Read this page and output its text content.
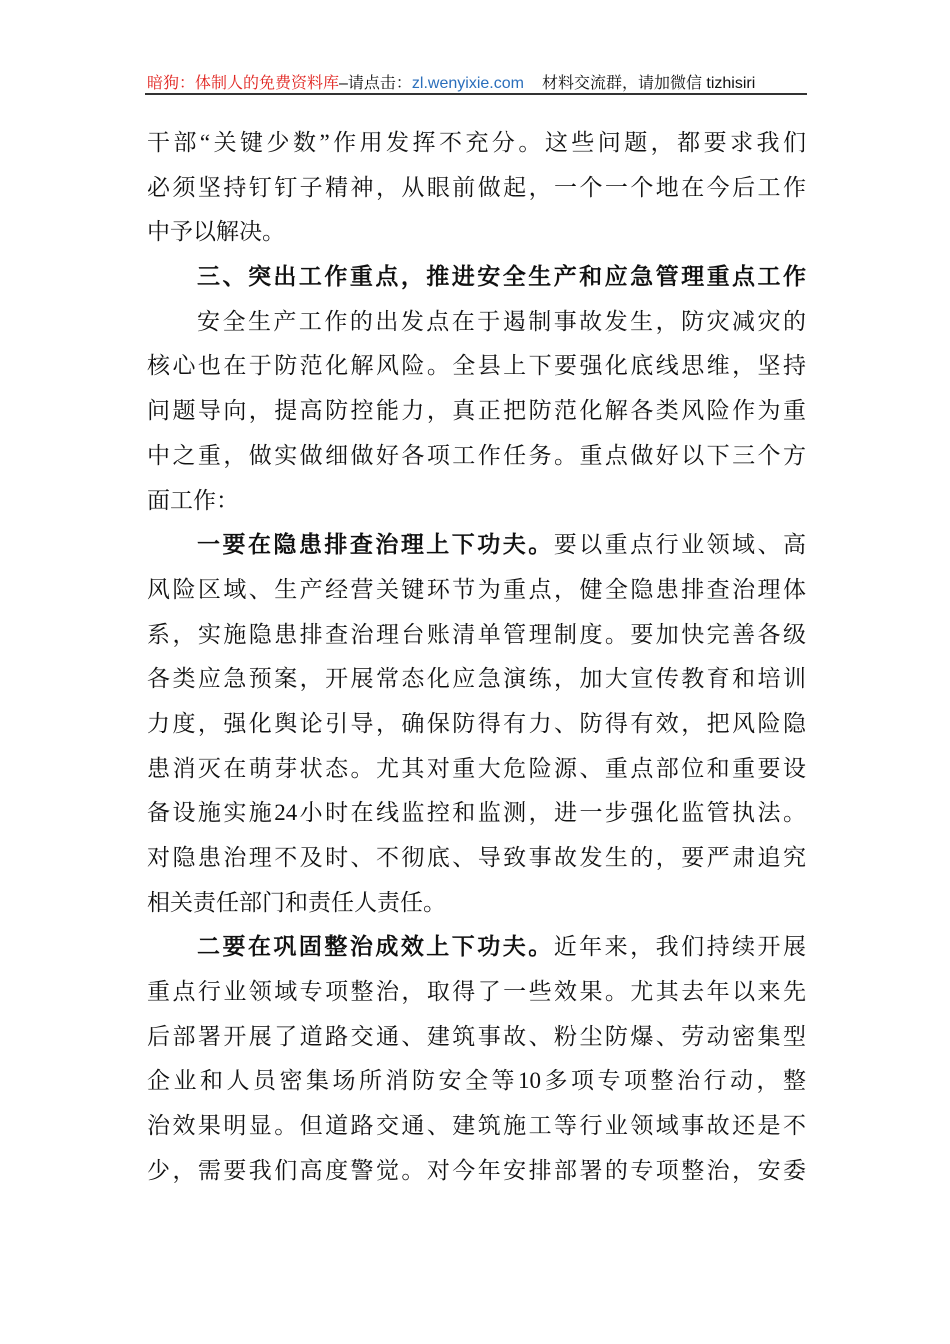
暗狗：体制人的免费资料库–请点击：zl.wenyixie.com 材料交流群，请加微信 tizhisiri
干部“关键少数”作用发挥不充分。这些问题，都要求我们
必须坚持钉钉子精神，从眼前做起，一个一个地在今后工作
中予以解决。
三、突出工作重点，推进安全生产和应急管理重点工作
安全生产工作的出发点在于遏制事故发生，防灾减灾的
核心也在于防范化解风险。全县上下要强化底线思维，坚持
问题导向，提高防控能力，真正把防范化解各类风险作为重
中之重，做实做细做好各项工作任务。重点做好以下三个方
面工作：
一要在隐患排查治理上下功夫。要以重点行业领域、高
风险区域、生产经营关键环节为重点，健全隐患排查治理体
系，实施隐患排查治理台账清单管理制度。要加快完善各级
各类应急预案，开展常态化应急演练，加大宣传教育和培训
力度，强化舆论引导，确保防得有力、防得有效，把风险隐
患消灭在萌芽状态。尤其对重大危险源、重点部位和重要设
备设施实施24小时在线监控和监测，进一步强化监管执法。
对隐患治理不及时、不彻底、导致事故发生的，要严肃追究
相关责任部门和责任人责任。
二要在巩固整治成效上下功夫。近年来，我们持续开展
重点行业领域专项整治，取得了一些效果。尤其去年以来先
后部署开展了道路交通、建筑事故、粉尘防爆、劳动密集型
企业和人员密集场所消防安全等10多项专项整治行动，整
治效果明显。但道路交通、建筑施工等行业领域事故还是不
少，需要我们高度警觉。对今年安排部署的专项整治，安委
